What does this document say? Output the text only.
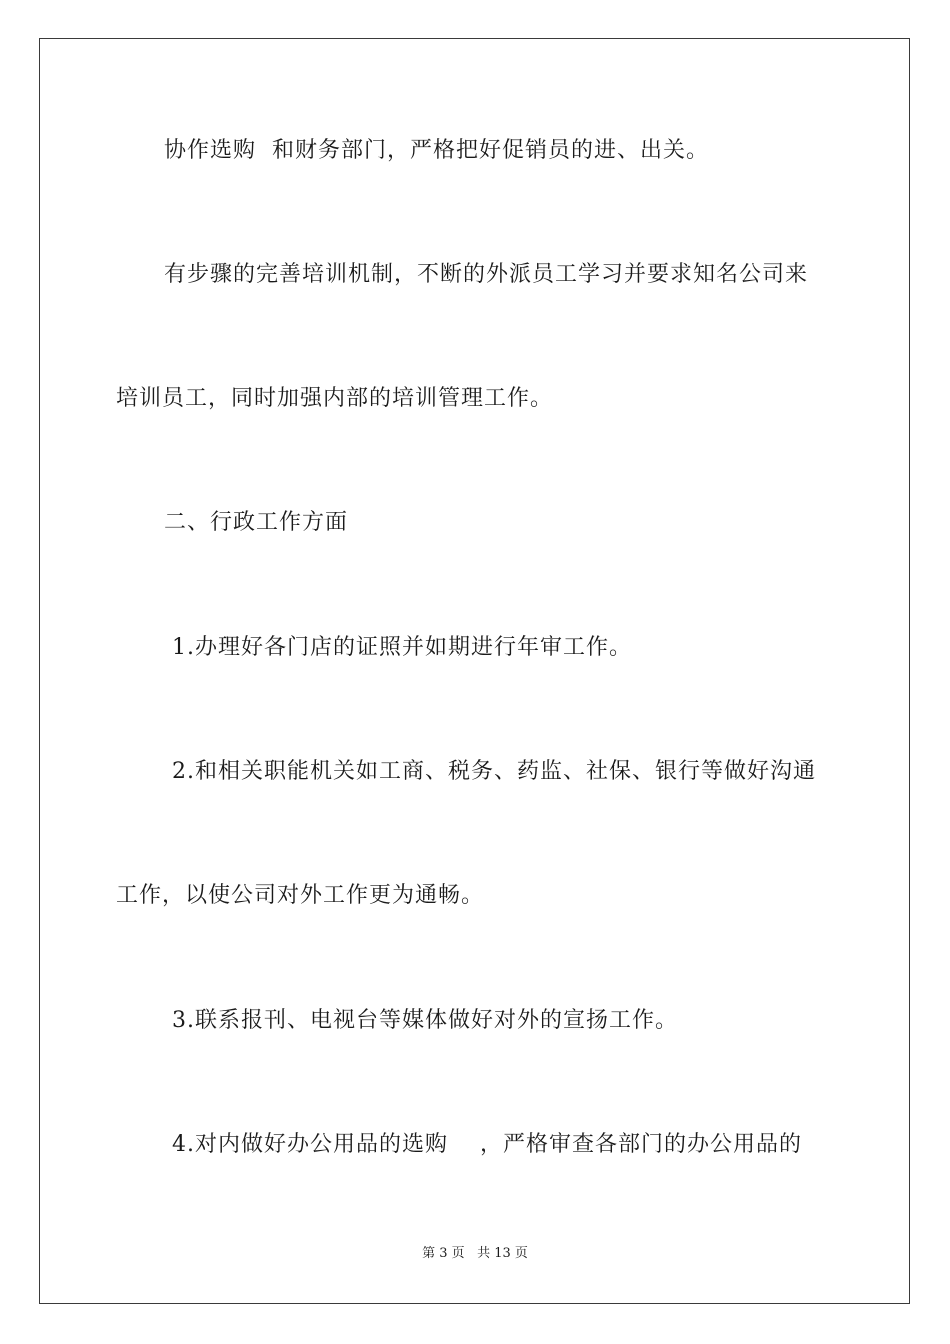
协作选购  和财务部门，严格把好促销员的进、出关。
有步骤的完善培训机制，不断的外派员工学习并要求知名公司来
培训员工，同时加强内部的培训管理工作。
二、行政工作方面
1.办理好各门店的证照并如期进行年审工作。
2.和相关职能机关如工商、税务、药监、社保、银行等做好沟通
工作，以使公司对外工作更为通畅。
3.联系报刊、电视台等媒体做好对外的宣扬工作。
4.对内做好办公用品的选购    ，严格审查各部门的办公用品的
第 3 页 共 13 页
